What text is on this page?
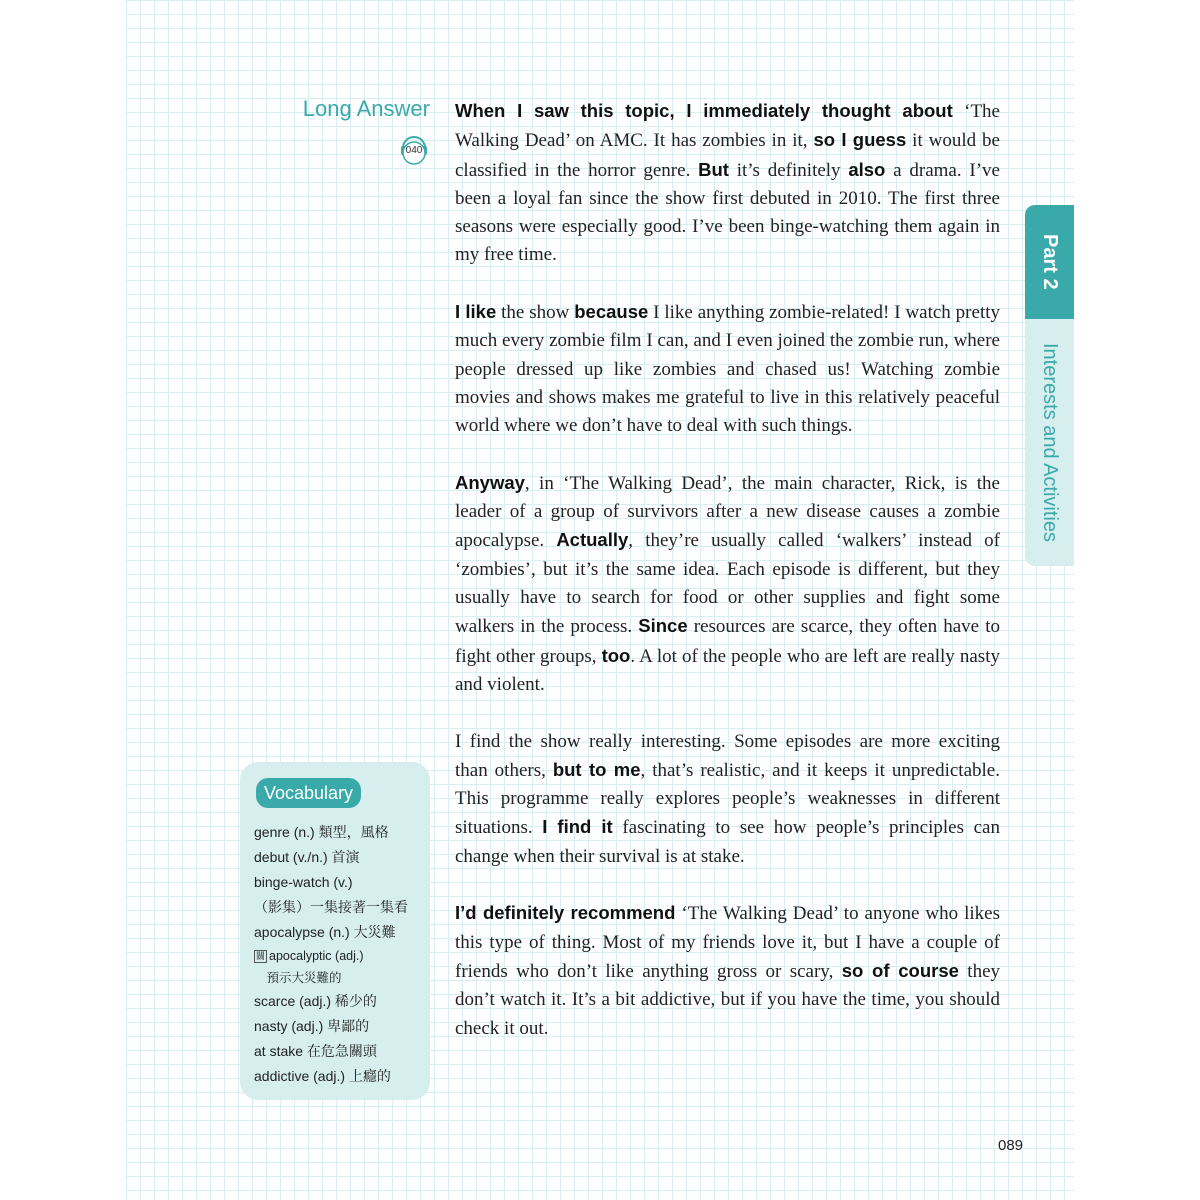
Long Answer
040

When I saw this topic, I immediately thought about ‘The Walking Dead’ on AMC. It has zombies in it, so I guess it would be classified in the horror genre. But it’s definitely also a drama. I’ve been a loyal fan since the show first debuted in 2010. The first three seasons were especially good. I’ve been binge-watching them again in my free time.

I like the show because I like anything zombie-related! I watch pretty much every zombie film I can, and I even joined the zombie run, where people dressed up like zombies and chased us! Watching zombie movies and shows makes me grateful to live in this relatively peaceful world where we don’t have to deal with such things.

Anyway, in ‘The Walking Dead’, the main character, Rick, is the leader of a group of survivors after a new disease causes a zombie apocalypse. Actually, they’re usually called ‘walkers’ instead of ‘zombies’, but it’s the same idea. Each episode is different, but they usually have to search for food or other supplies and fight some walkers in the process. Since resources are scarce, they often have to fight other groups, too. A lot of the people who are left are really nasty and violent.

I find the show really interesting. Some episodes are more exciting than others, but to me, that’s realistic, and it keeps it unpredictable. This programme really explores people’s weaknesses in different situations. I find it fascinating to see how people’s principles can change when their survival is at stake.

I’d definitely recommend ‘The Walking Dead’ to anyone who likes this type of thing. Most of my friends love it, but I have a couple of friends who don’t like anything gross or scary, so of course they don’t watch it. It’s a bit addictive, but if you have the time, you should check it out.

Part 2
Interests and Activities
Vocabulary
genre (n.) 類型，風格
debut (v./n.) 首演
binge-watch (v.)
（影集）一集接著一集看
apocalypse (n.) 大災難
關 apocalyptic (adj.)
　預示大災難的
scarce (adj.) 稀少的
nasty (adj.) 卑鄙的
at stake 在危急關頭
addictive (adj.) 上癮的
089
